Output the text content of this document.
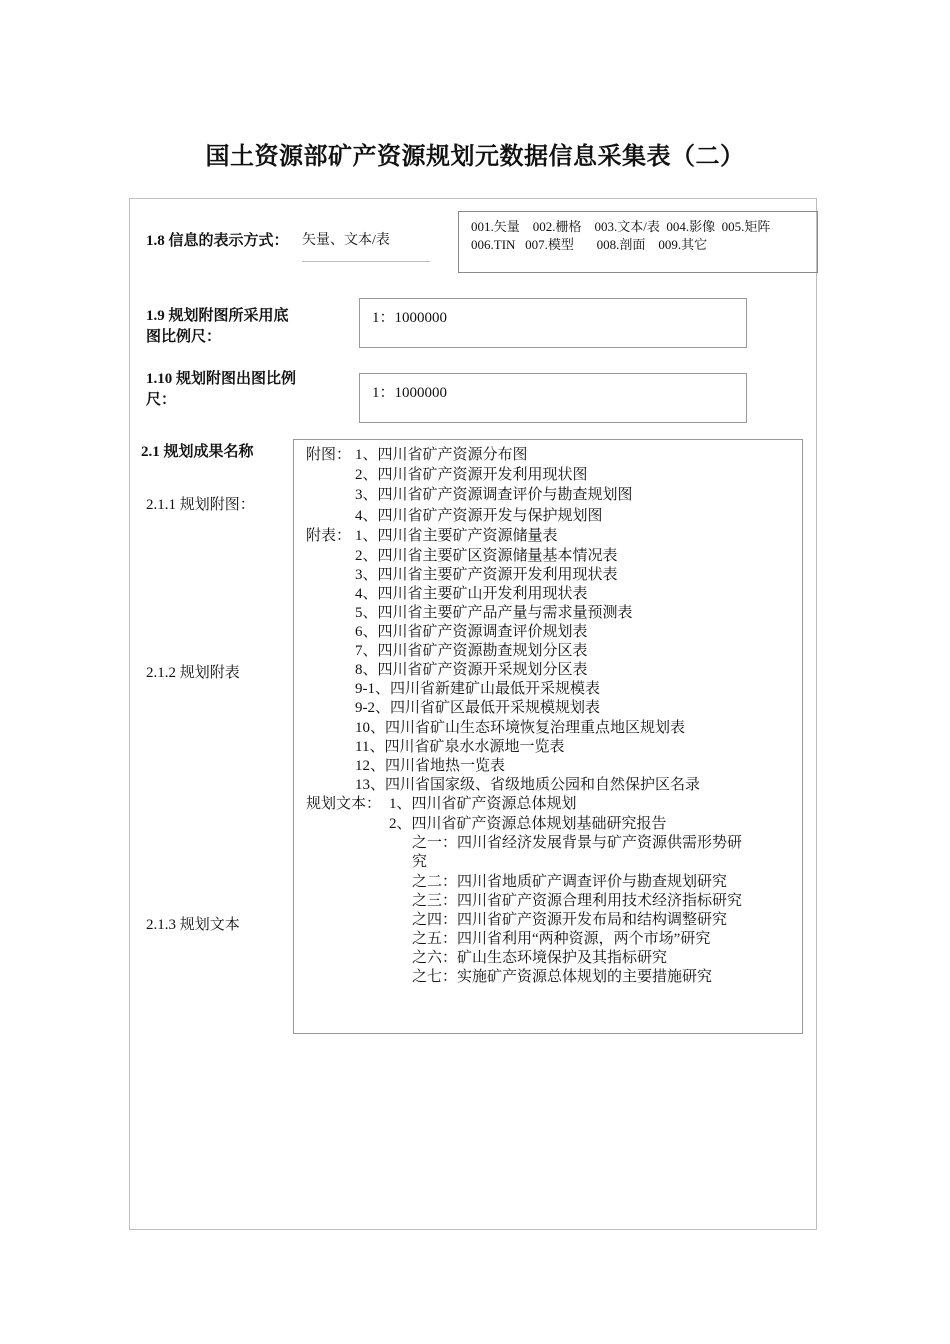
国土资源部矿产资源规划元数据信息采集表（二）
1.8 信息的表示方式： 矢量、文本/表
001.矢量    002.栅格    003.文本/表  004.影像  005.矩阵
006.TIN   007.模型       008.剖面    009.其它
1.9 规划附图所采用底
图比例尺：
1：1000000
1.10 规划附图出图比例
尺：	1：1000000
2.1 规划成果名称
2.1.1 规划附图：
2.1.2 规划附表
2.1.3 规划文本
附图： 1、四川省矿产资源分布图
2、四川省矿产资源开发利用现状图
3、四川省矿产资源调查评价与勘查规划图
4、四川省矿产资源开发与保护规划图
附表： 1、四川省主要矿产资源储量表
2、四川省主要矿区资源储量基本情况表
3、四川省主要矿产资源开发利用现状表
4、四川省主要矿山开发利用现状表
5、四川省主要矿产品产量与需求量预测表
6、四川省矿产资源调查评价规划表
7、四川省矿产资源勘查规划分区表
8、四川省矿产资源开采规划分区表
9-1、四川省新建矿山最低开采规模表
9-2、四川省矿区最低开采规模规划表
10、四川省矿山生态环境恢复治理重点地区规划表
11、四川省矿泉水水源地一览表
12、四川省地热一览表
13、四川省国家级、省级地质公园和自然保护区名录
规划文本： 1、四川省矿产资源总体规划
2、四川省矿产资源总体规划基础研究报告
之一：四川省经济发展背景与矿产资源供需形势研
究
之二：四川省地质矿产调查评价与勘查规划研究
之三：四川省矿产资源合理利用技术经济指标研究
之四：四川省矿产资源开发布局和结构调整研究
之五：四川省利用“两种资源，两个市场”研究
之六：矿山生态环境保护及其指标研究
之七：实施矿产资源总体规划的主要措施研究
